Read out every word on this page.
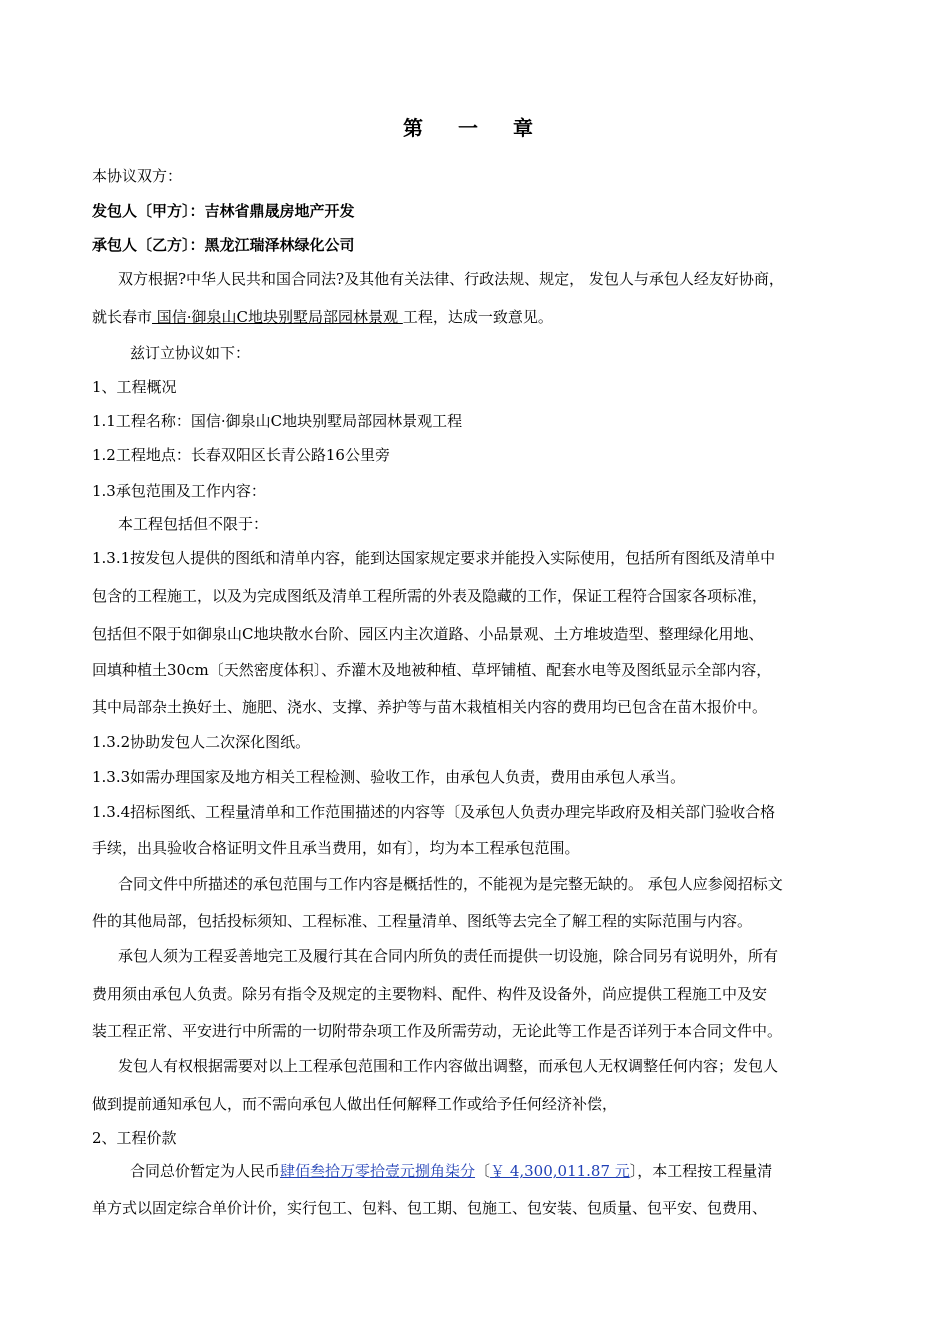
第 一 章
本协议双方：
发包人〔甲方〕：吉林省鼎晟房地产开发
承包人〔乙方〕：黑龙江瑞泽林绿化公司
双方根据?中华人民共和国合同法?及其他有关法律、行政法规、规定， 发包人与承包人经友好协商，
就长春市 国信·御泉山C地块别墅局部园林景观 工程，达成一致意见。
兹订立协议如下：
1、工程概况
1.1工程名称：国信·御泉山C地块别墅局部园林景观工程
1.2工程地点：长春双阳区长青公路16公里旁
1.3承包范围及工作内容：
本工程包括但不限于：
1.3.1按发包人提供的图纸和清单内容，能到达国家规定要求并能投入实际使用，包括所有图纸及清单中
包含的工程施工，以及为完成图纸及清单工程所需的外表及隐藏的工作，保证工程符合国家各项标准，
包括但不限于如御泉山C地块散水台阶、园区内主次道路、小品景观、土方堆坡造型、整理绿化用地、
回填种植土30cm〔天然密度体积〕、乔灌木及地被种植、草坪铺植、配套水电等及图纸显示全部内容，
其中局部杂土换好土、施肥、浇水、支撑、养护等与苗木栽植相关内容的费用均已包含在苗木报价中。
1.3.2协助发包人二次深化图纸。
1.3.3如需办理国家及地方相关工程检测、验收工作，由承包人负责，费用由承包人承当。
1.3.4招标图纸、工程量清单和工作范围描述的内容等〔及承包人负责办理完毕政府及相关部门验收合格
手续，出具验收合格证明文件且承当费用，如有〕，均为本工程承包范围。
合同文件中所描述的承包范围与工作内容是概括性的，不能视为是完整无缺的。 承包人应参阅招标文
件的其他局部，包括投标须知、工程标准、工程量清单、图纸等去完全了解工程的实际范围与内容。
承包人须为工程妥善地完工及履行其在合同内所负的责任而提供一切设施，除合同另有说明外，所有
费用须由承包人负责。除另有指令及规定的主要物料、配件、构件及设备外，尚应提供工程施工中及安
装工程正常、平安进行中所需的一切附带杂项工作及所需劳动，无论此等工作是否详列于本合同文件中。
发包人有权根据需要对以上工程承包范围和工作内容做出调整，而承包人无权调整任何内容；发包人
做到提前通知承包人，而不需向承包人做出任何解释工作或给予任何经济补偿，
2、工程价款
合同总价暂定为人民币肆佰叁拾万零拾壹元捌角柒分〔￥ 4,300,011.87 元〕，本工程按工程量清
单方式以固定综合单价计价，实行包工、包料、包工期、包施工、包安装、包质量、包平安、包费用、
